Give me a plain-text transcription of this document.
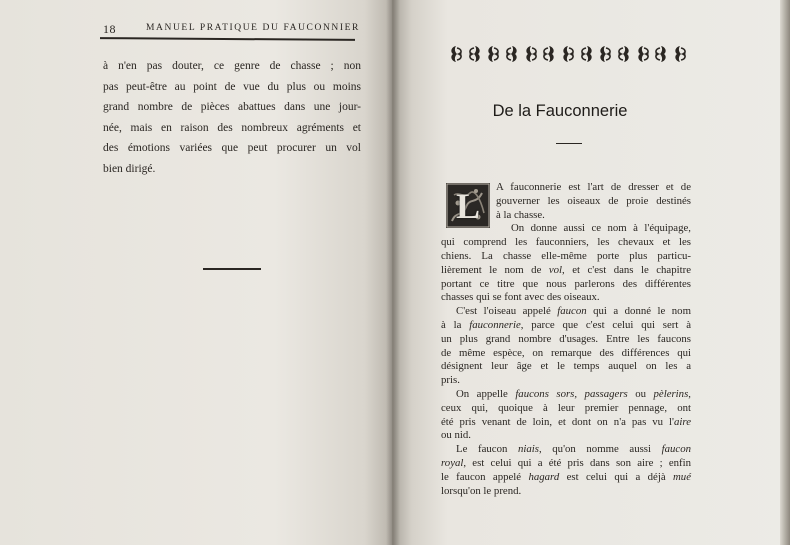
18	MANUEL PRATIQUE DU FAUCONNIER
à n'en pas douter, ce genre de chasse ; non
pas peut-être au point de vue du plus ou moins
grand nombre de pièces abattues dans une jour-
née, mais en raison des nombreux agréments et
des émotions variées que peut procurer un vol
bien dirigé.
De la Fauconnerie
L	A fauconnerie est l'art de dresser et de
gouverner les oiseaux de proie destinés
à la chasse.
On donne aussi ce nom à l'équipage,
qui comprend les fauconniers, les chevaux et les
chiens. La chasse elle-même porte plus particu-
lièrement le nom de vol, et c'est dans le chapitre
portant ce titre que nous parlerons des différentes
chasses qui se font avec des oiseaux.
C'est l'oiseau appelé faucon qui a donné le nom
à la fauconnerie, parce que c'est celui qui sert à
un plus grand nombre d'usages. Entre les faucons
de même espèce, on remarque des différences qui
désignent leur âge et le temps auquel on les a
pris.
On appelle faucons sors, passagers ou pèlerins,
ceux qui, quoique à leur premier pennage, ont
été pris venant de loin, et dont on n'a pas vu l'aire
ou nid.
Le faucon niais, qu'on nomme aussi faucon
royal, est celui qui a été pris dans son aire ; enfin
le faucon appelé hagard est celui qui a déjà mué
lorsqu'on le prend.
